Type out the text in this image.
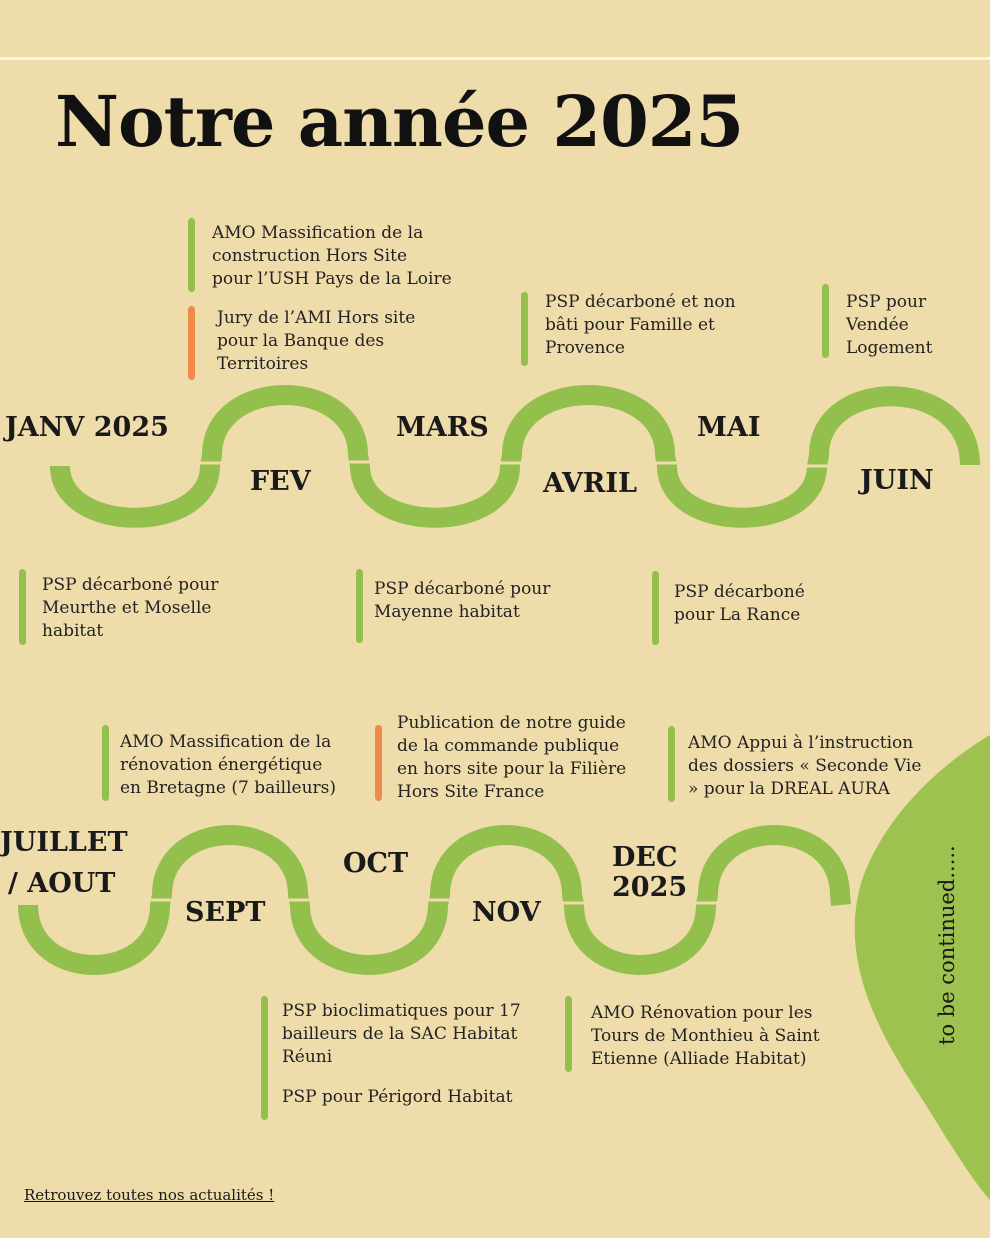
Notre année 2025
JANV 2025
FEV
MARS
AVRIL
MAI
JUIN
JUILLET
/ AOUT
SEPT
OCT
NOV
DEC
2025
AMO Massification de la
construction Hors Site
pour l’USH Pays de la Loire
Jury de l’AMI Hors site
pour la Banque des
Territoires
PSP décarboné et non
bâti pour Famille et
Provence
PSP pour
Vendée
Logement
PSP décarboné pour
Meurthe et Moselle
habitat
PSP décarboné pour
Mayenne habitat
PSP décarboné
pour La Rance
AMO Massification de la
rénovation énergétique
en Bretagne (7 bailleurs)
Publication de notre guide
de la commande publique
en hors site pour la Filière
Hors Site France
AMO Appui à l’instruction
des dossiers « Seconde Vie
» pour la DREAL AURA
PSP bioclimatiques pour 17
bailleurs de la SAC Habitat
Réuni
PSP pour Périgord Habitat
AMO Rénovation pour les
Tours de Monthieu à Saint
Etienne (Alliade Habitat)
to be continued.....
Retrouvez toutes nos actualités !
